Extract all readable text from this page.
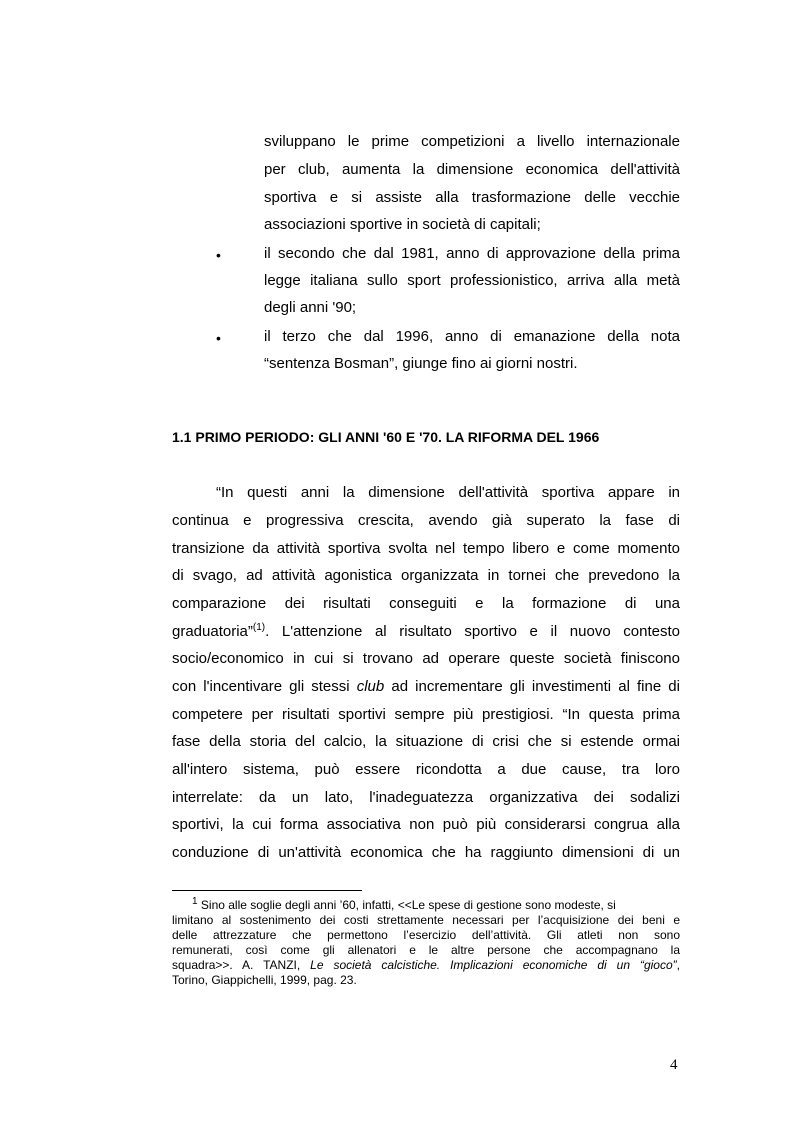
sviluppano le prime competizioni a livello internazionale

per club, aumenta la dimensione economica dell'attività

sportiva e si assiste alla trasformazione delle vecchie

associazioni sportive in società di capitali;

•	il secondo che dal 1981, anno di approvazione della prima

legge italiana sullo sport professionistico, arriva alla metà

degli anni '90;

•	il terzo che dal 1996, anno di emanazione della nota

“sentenza Bosman”, giunge fino ai giorni nostri.

1.1 PRIMO PERIODO: GLI ANNI '60 E '70. LA RIFORMA DEL 1966

“In questi anni la dimensione dell'attività sportiva appare in

continua e progressiva crescita, avendo già superato la fase di

transizione da attività sportiva svolta nel tempo libero e come momento

di svago, ad attività agonistica organizzata in tornei che prevedono la

comparazione dei risultati conseguiti e la formazione di una

graduatoria”$^{(1)}$. L'attenzione al risultato sportivo e il nuovo contesto

socio/economico in cui si trovano ad operare queste società finiscono

con l'incentivare gli stessi club ad incrementare gli investimenti al fine di

competere per risultati sportivi sempre più prestigiosi. “In questa prima

fase della storia del calcio, la situazione di crisi che si estende ormai

all'intero sistema, può essere ricondotta a due cause, tra loro

interrelate: da un lato, l'inadeguatezza organizzativa dei sodalizi

sportivi, la cui forma associativa non può più considerarsi congrua alla

conduzione di un'attività economica che ha raggiunto dimensioni di un

$^1$ Sino alle soglie degli anni ’60, infatti, <<Le spese di gestione sono modeste, si

limitano al sostenimento dei costi strettamente necessari per l’acquisizione dei beni e

delle attrezzature che permettono l’esercizio dell’attività. Gli atleti non sono

remunerati, così come gli allenatori e le altre persone che accompagnano la

squadra>>. A. TANZI, Le società calcistiche. Implicazioni economiche di un “gioco”,

Torino, Giappichelli, 1999, pag. 23.

4
